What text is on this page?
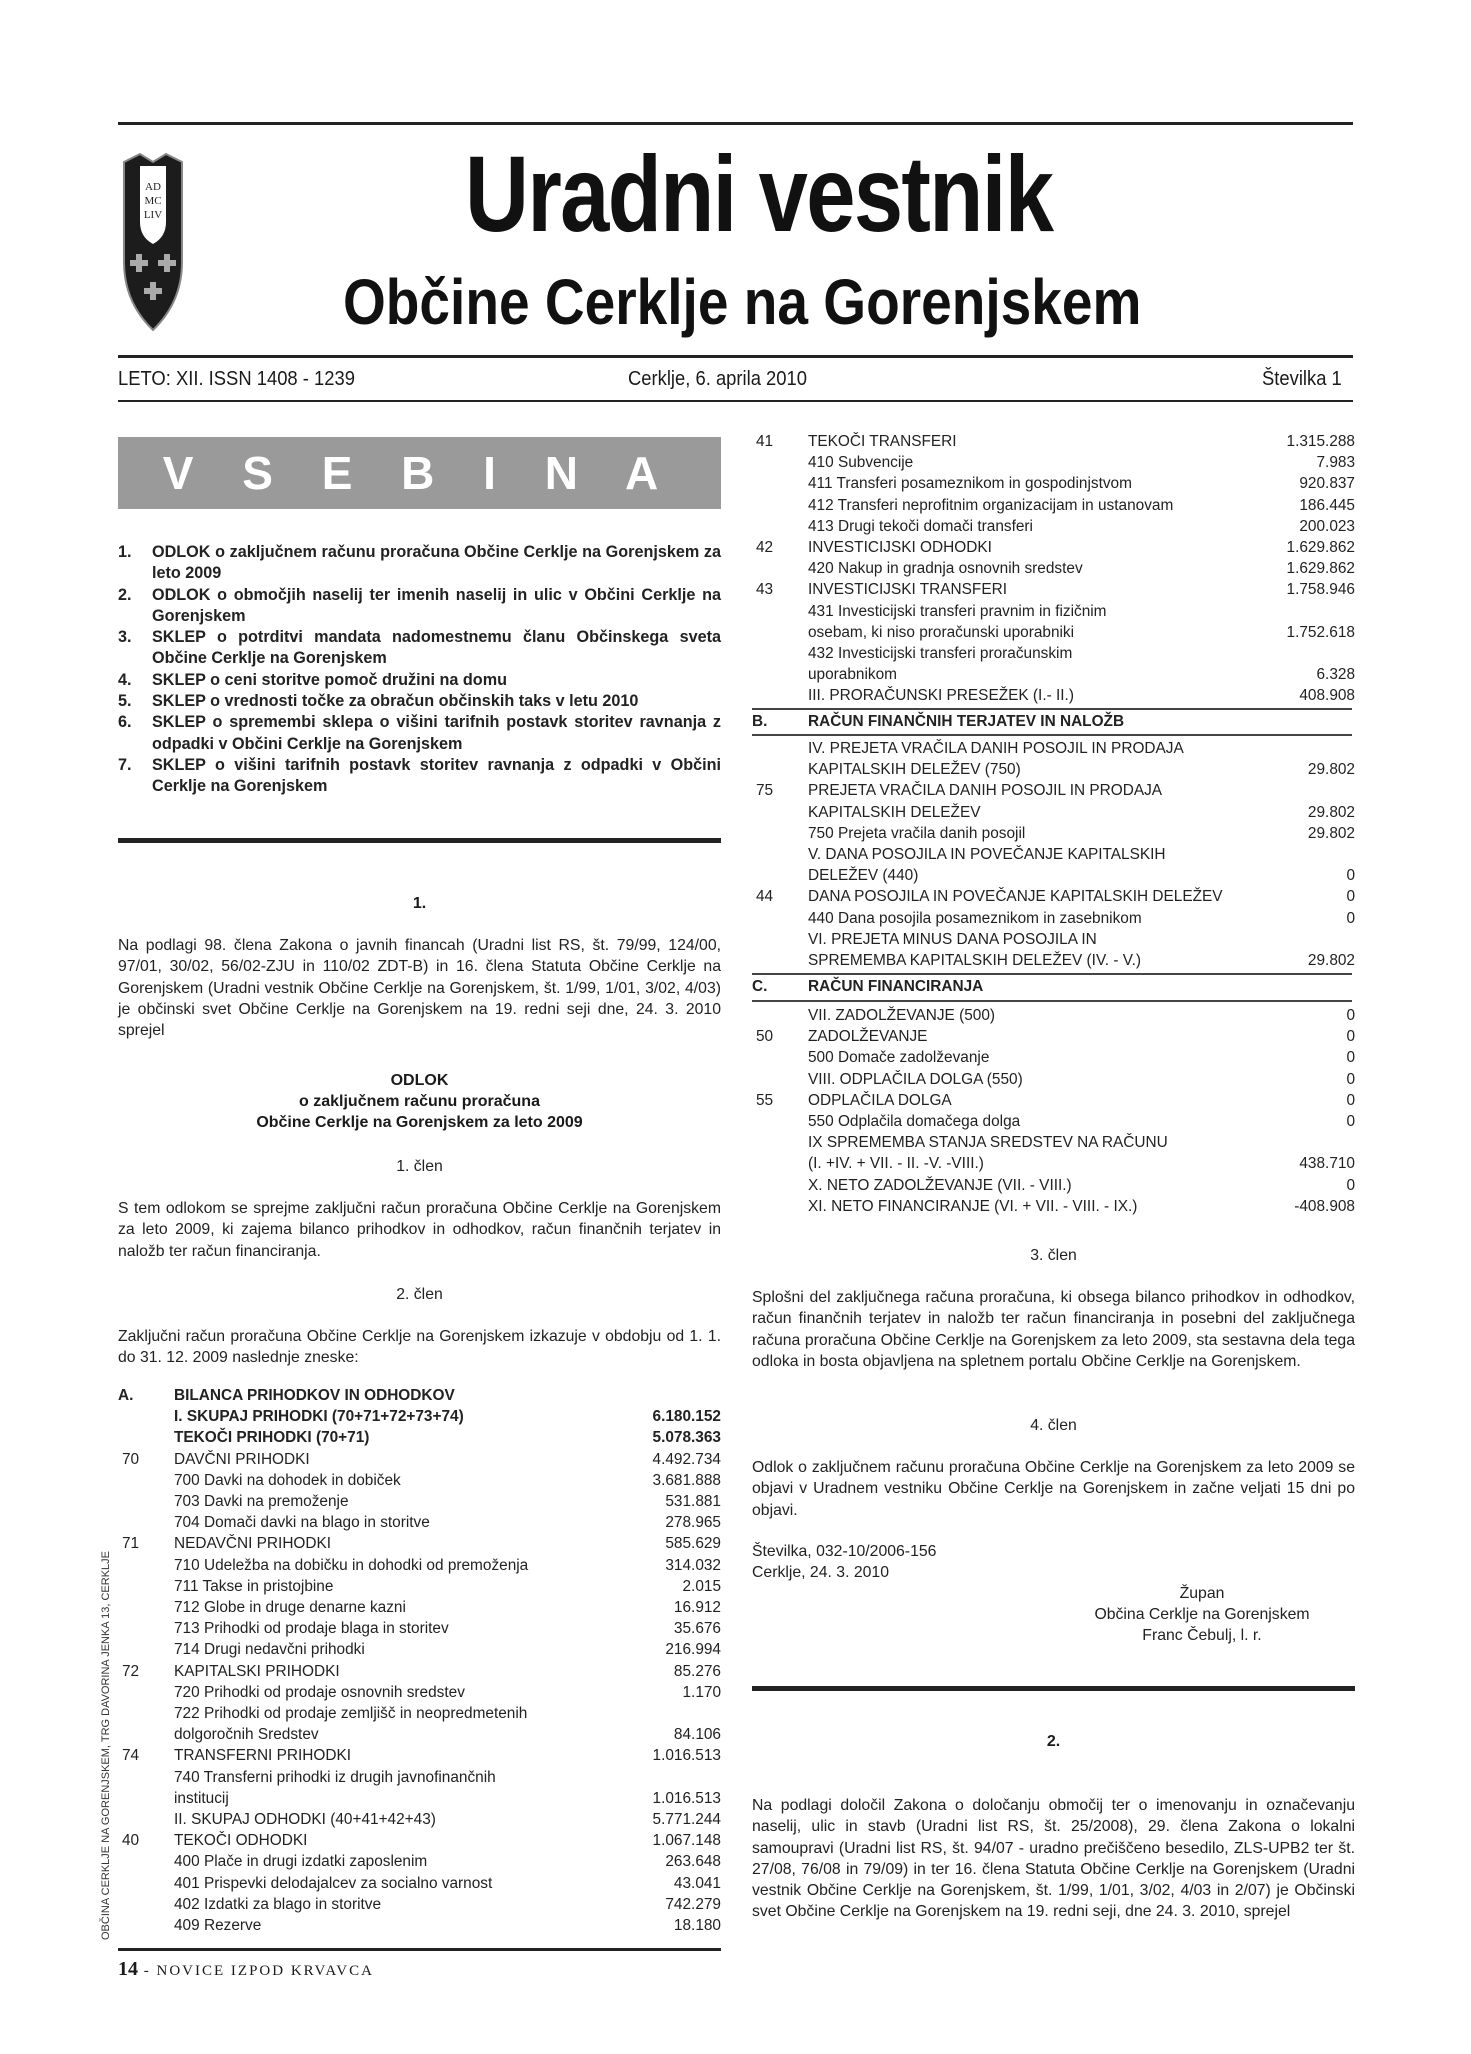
AD
MC
LIV	Uradni vestnik
Občine Cerklje na Gorenjskem
LETO: XII. ISSN 1408 - 1239	Cerklje, 6. aprila 2010	Številka 1
V S E B I N A
1.	ODLOK o zaključnem računu proračuna Občine Cerklje na Gorenjskem za leto 2009
2.	ODLOK o območjih naselij ter imenih naselij in ulic v Občini Cerklje na Gorenjskem
3.	SKLEP o potrditvi mandata nadomestnemu članu Občinskega sveta Občine Cerklje na Gorenjskem
4.	SKLEP o ceni storitve pomoč družini na domu
5.	SKLEP o vrednosti točke za obračun občinskih taks v letu 2010
6.	SKLEP o spremembi sklepa o višini tarifnih postavk storitev ravnanja z odpadki v Občini Cerklje na Gorenjskem
7.	SKLEP o višini tarifnih postavk storitev ravnanja z odpadki v Občini Cerklje na Gorenjskem
1.
Na podlagi 98. člena Zakona o javnih financah (Uradni list RS, št. 79/99, 124/00, 97/01, 30/02, 56/02-ZJU in 110/02 ZDT-B) in 16. člena Statuta Občine Cerklje na Gorenjskem (Uradni vestnik Občine Cerklje na Gorenjskem, št. 1/99, 1/01, 3/02, 4/03) je občinski svet Občine Cerklje na Gorenjskem na 19. redni seji dne, 24. 3. 2010 sprejel
ODLOK
o zaključnem računu proračuna
Občine Cerklje na Gorenjskem za leto 2009
1. člen
S tem odlokom se sprejme zaključni račun proračuna Občine Cerklje na Gorenjskem za leto 2009, ki zajema bilanco prihodkov in odhodkov, račun finančnih terjatev in naložb ter račun financiranja.
2. člen
Zaključni račun proračuna Občine Cerklje na Gorenjskem izkazuje v obdobju od 1. 1. do 31. 12. 2009 naslednje zneske:
A.	BILANCA PRIHODKOV IN ODHODKOV
I. SKUPAJ PRIHODKI (70+71+72+73+74)	6.180.152
TEKOČI PRIHODKI (70+71)	5.078.363
70	DAVČNI PRIHODKI	4.492.734
700 Davki na dohodek in dobiček	3.681.888
703 Davki na premoženje	531.881
704 Domači davki na blago in storitve	278.965
71	NEDAVČNI PRIHODKI	585.629
710 Udeležba na dobičku in dohodki od premoženja	314.032
711 Takse in pristojbine	2.015
712 Globe in druge denarne kazni	16.912
713 Prihodki od prodaje blaga in storitev	35.676
714 Drugi nedavčni prihodki	216.994
72	KAPITALSKI PRIHODKI	85.276
720 Prihodki od prodaje osnovnih sredstev	1.170
722 Prihodki od prodaje zemljišč in neopredmetenih
dolgoročnih Sredstev	84.106
74	TRANSFERNI PRIHODKI	1.016.513
740 Transferni prihodki iz drugih javnofinančnih
institucij	1.016.513
II. SKUPAJ ODHODKI (40+41+42+43)	5.771.244
40	TEKOČI ODHODKI	1.067.148
400 Plače in drugi izdatki zaposlenim	263.648
401 Prispevki delodajalcev za socialno varnost	43.041
402 Izdatki za blago in storitve	742.279
409 Rezerve	18.180
41	TEKOČI TRANSFERI	1.315.288
410 Subvencije	7.983
411 Transferi posameznikom in gospodinjstvom	920.837
412 Transferi neprofitnim organizacijam in ustanovam	186.445
413 Drugi tekoči domači transferi	200.023
42	INVESTICIJSKI ODHODKI	1.629.862
420 Nakup in gradnja osnovnih sredstev	1.629.862
43	INVESTICIJSKI TRANSFERI	1.758.946
431 Investicijski transferi pravnim in fizičnim
osebam, ki niso proračunski uporabniki	1.752.618
432 Investicijski transferi proračunskim
uporabnikom	6.328
III. PRORAČUNSKI PRESEŽEK (I.- II.)	408.908
B.	RAČUN FINANČNIH TERJATEV IN NALOŽB
IV. PREJETA VRAČILA DANIH POSOJIL IN PRODAJA
KAPITALSKIH DELEŽEV (750)	29.802
75	PREJETA VRAČILA DANIH POSOJIL IN PRODAJA
KAPITALSKIH DELEŽEV	29.802
750 Prejeta vračila danih posojil	29.802
V. DANA POSOJILA IN POVEČANJE KAPITALSKIH
DELEŽEV (440)	0
44	DANA POSOJILA IN POVEČANJE KAPITALSKIH DELEŽEV	0
440 Dana posojila posameznikom in zasebnikom	0
VI. PREJETA MINUS DANA POSOJILA IN
SPREMEMBA KAPITALSKIH DELEŽEV (IV. - V.)	29.802
C.	RAČUN FINANCIRANJA
VII. ZADOLŽEVANJE (500)	0
50	ZADOLŽEVANJE	0
500 Domače zadolževanje	0
VIII. ODPLAČILA DOLGA (550)	0
55	ODPLAČILA DOLGA	0
550 Odplačila domačega dolga	0
IX SPREMEMBA STANJA SREDSTEV NA RAČUNU
(I. +IV. + VII. - II. -V. -VIII.)	438.710
X. NETO ZADOLŽEVANJE (VII. - VIII.)	0
XI. NETO FINANCIRANJE (VI. + VII. - VIII. - IX.)	-408.908
3. člen
Splošni del zaključnega računa proračuna, ki obsega bilanco prihodkov in odhodkov, račun finančnih terjatev in naložb ter račun financiranja in posebni del zaključnega računa proračuna Občine Cerklje na Gorenjskem za leto 2009, sta sestavna dela tega odloka in bosta objavljena na spletnem portalu Občine Cerklje na Gorenjskem.
4. člen
Odlok o zaključnem računu proračuna Občine Cerklje na Gorenjskem za leto 2009 se objavi v Uradnem vestniku Občine Cerklje na Gorenjskem in začne veljati 15 dni po objavi.
Številka, 032-10/2006-156
Cerklje, 24. 3. 2010
Župan
Občina Cerklje na Gorenjskem
Franc Čebulj, l. r.
2.
Na podlagi določil Zakona o določanju območij ter o imenovanju in označevanju naselij, ulic in stavb (Uradni list RS, št. 25/2008), 29. člena Zakona o lokalni samoupravi (Uradni list RS, št. 94/07 - uradno prečiščeno besedilo, ZLS-UPB2 ter št. 27/08, 76/08 in 79/09) in ter 16. člena Statuta Občine Cerklje na Gorenjskem (Uradni vestnik Občine Cerklje na Gorenjskem, št. 1/99, 1/01, 3/02, 4/03 in 2/07) je Občinski svet Občine Cerklje na Gorenjskem na 19. redni seji, dne 24. 3. 2010, sprejel
OBČINA CERKLJE NA GORENJSKEM, TRG DAVORINA JENKA 13, CERKLJE
14 - NOVICE IZPOD KRVAVCA
